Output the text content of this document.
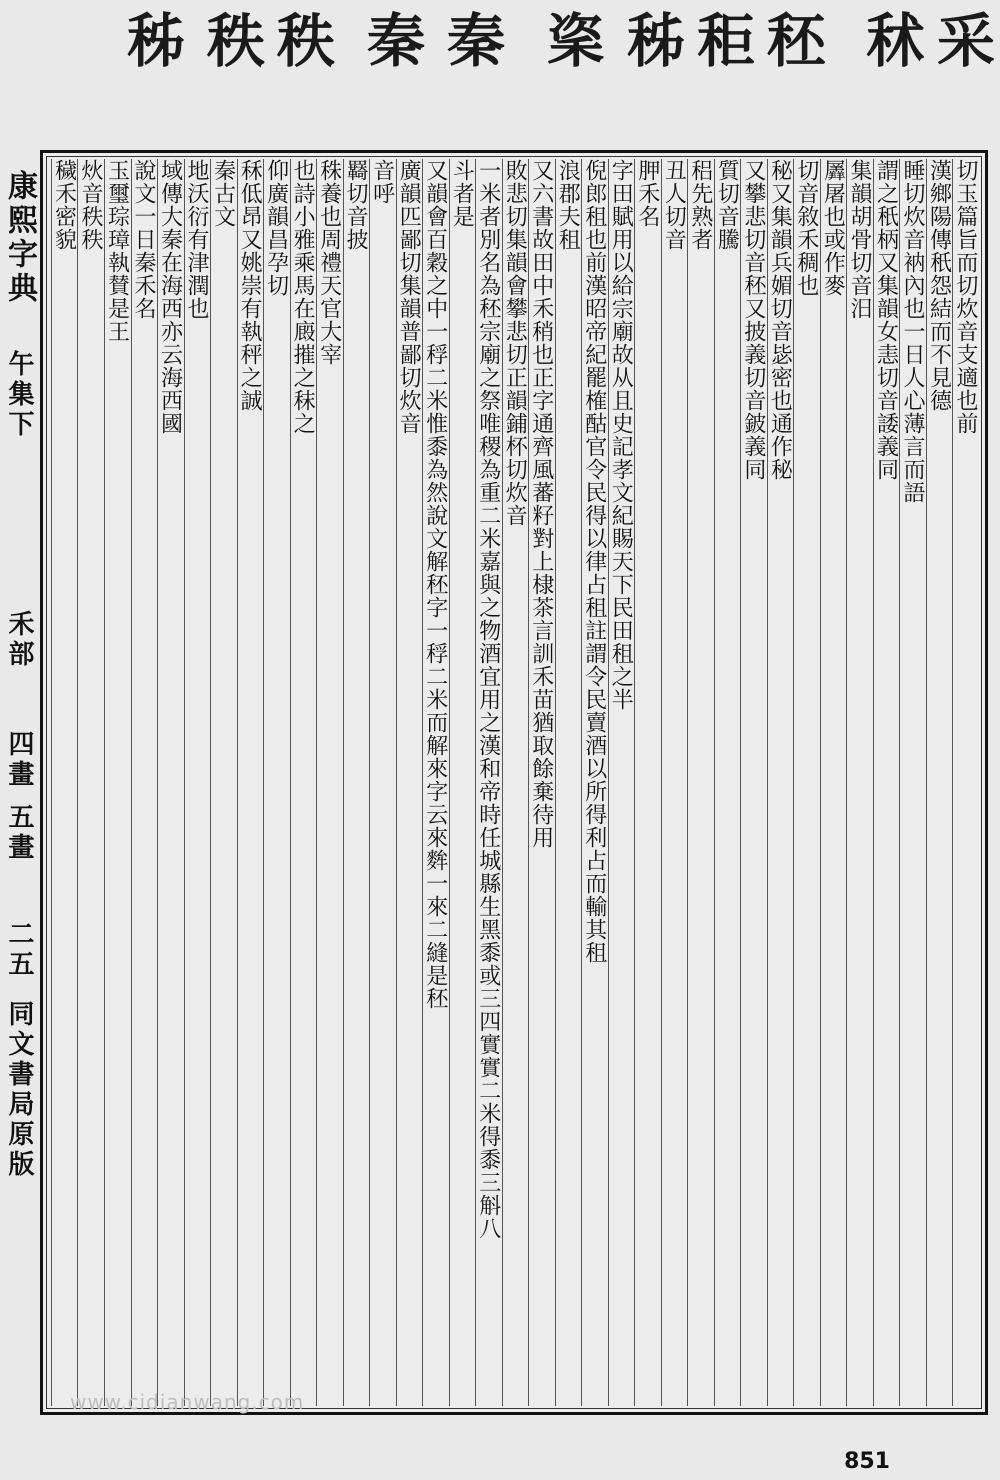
采
秫
秠
秬
秭
秶
秦
秦
秩
秩
秭
康熙字典
午集下
禾部
四畫 五畫
二五
同文書局原版
切玉篇旨而切炊音支適也前
漢鄉陽傳秖怨結而不見德
睡切炊音衲內也一日人心薄言而語
謂之秖柄又集韻女恚切音諉義同
集韻胡骨切音汨
羼屠也或作麥
切音敘禾稠也
秘又集韻兵媚切音毖密也通作秘
又攀悲切音秠又披義切音鈹義同
質切音騰
稆先熟者
丑人切音
胛禾名
字田賦用以給宗廟故从且史記孝文紀賜天下民田租之半
倪郎租也前漢昭帝紀罷榷酤官令民得以律占租註謂令民賣酒以所得利占而輸其租
浪郡夫租
又六書故田中禾稍也正字通齊風蕃籽對上棣茶言訓禾苗猶取餘棄待用
敗悲切集韻會攀悲切正韻鋪杯切炊音
一米者別名為秠宗廟之祭唯稷為重二米嘉與之物酒宜用之漢和帝時任城縣生黑黍或三四實實二米得黍三斛八
斗者是
又韻會百穀之中一稃二米惟黍為然說文解秠字一稃二米而解來字云來麰一來二縫是秠
廣韻匹鄙切集韻普鄙切炊音
音呼
羇切音披
秼養也周禮天官大宰
也詩小雅乘馬在廄摧之秣之
仰廣韻昌孕切
秝低昂又姚崇有執秤之誠
秦古文
地沃衍有津潤也
域傳大秦在海西亦云海西國
說文一日秦禾名
玉璽琮璋執賛是王
炏音秩秩
穢禾密貌
www.cidianwang.com
851
